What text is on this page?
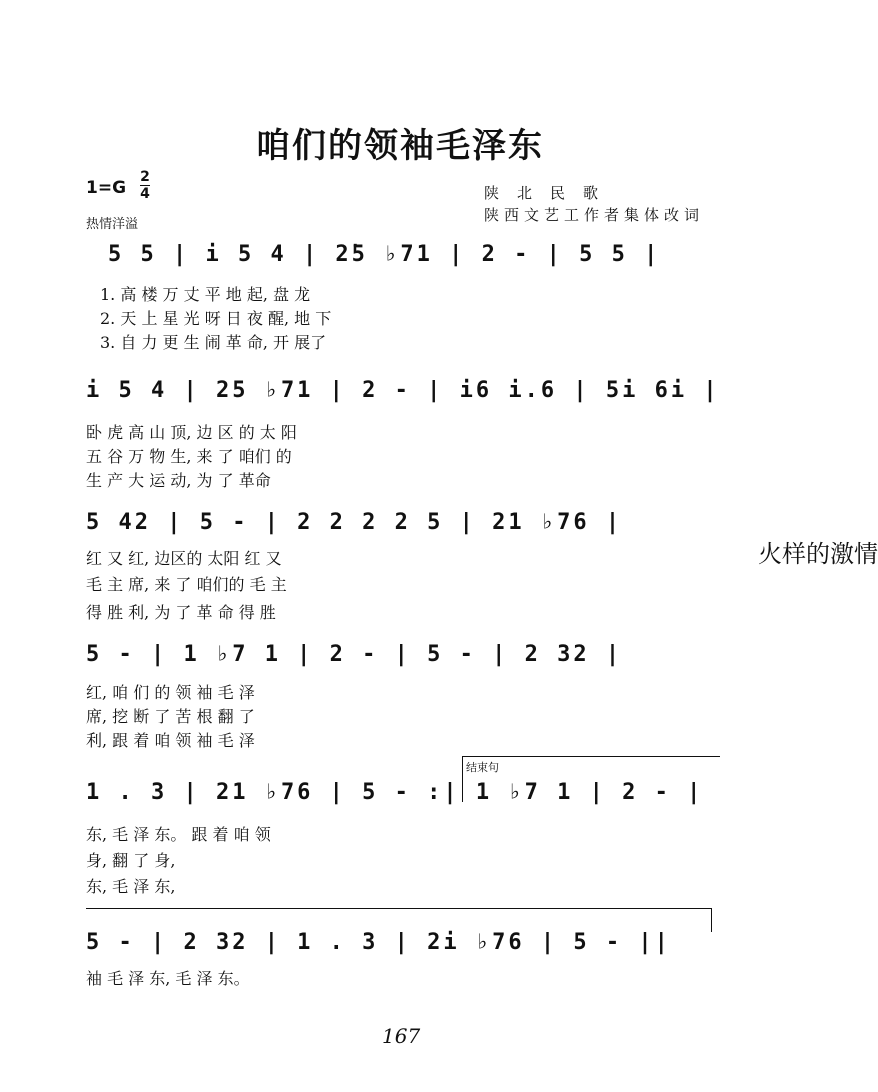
咱们的领袖毛泽东
1=G
2
4
热情洋溢
陕北民歌
陕西文艺工作者集体改词
火样的激情
5 5 | i 5 4 | 2̇5 ♭71 | 2 - | 5 5 |
1. 高 楼 万 丈 平 地 起, 盘 龙
2. 天 上 星 光 呀 日 夜 醒, 地 下
3. 自 力 更 生 闹 革 命, 开 展了
i 5 4 | 25 ♭71 | 2 - | i6 i.6 | 5i 6i |
卧 虎 高 山 顶, 边 区 的 太 阳
五 谷 万 物 生, 来 了 咱们 的
生 产 大 运 动, 为 了 革命
5 42 | 5 - | 2 2 2 2 5 | 21 ♭76 |
红 又 红, 边区的 太阳 红 又
毛 主 席, 来 了 咱们的 毛 主
得 胜 利, 为 了 革 命 得 胜
5 - | 1 ♭7 1 | 2 - | 5 - | 2 32 |
红, 咱 们 的 领 袖 毛 泽
席, 挖 断 了 苦 根 翻 了
利, 跟 着 咱 领 袖 毛 泽
结束句
1 . 3 | 21 ♭76 | 5 - :| 1 ♭7 1 | 2 - |
东, 毛 泽 东。 跟 着 咱 领
身, 翻 了 身,
东, 毛 泽 东,
5 - | 2 32 | 1 . 3 | 2i ♭76 | 5 - ||
袖 毛 泽 东, 毛 泽 东。
167
